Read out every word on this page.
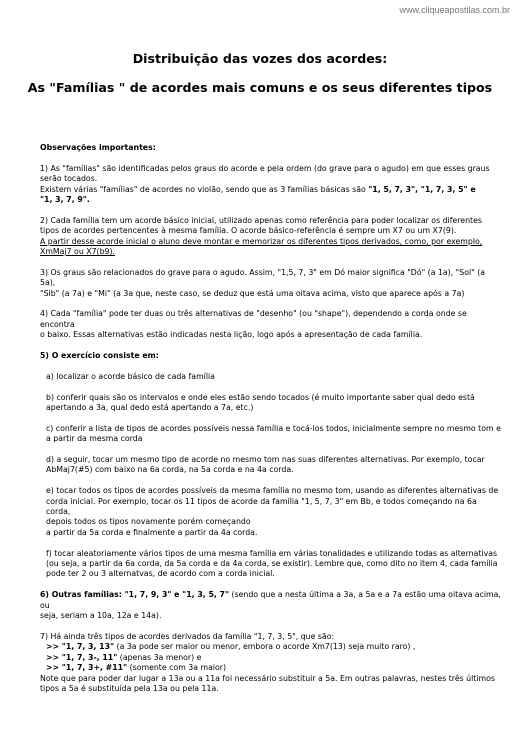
www.cliqueapostilas.com.br
Distribuição das vozes dos acordes:
As "Famílias " de acordes mais comuns e os seus diferentes tipos

Observações importantes:

1) As "famílias" são identificadas pelos graus do acorde e pela ordem (do grave para o agudo) em que esses graus
serão tocados.
Existem várias "famílias" de acordes no violão, sendo que as 3 famílias básicas são "1, 5, 7, 3", "1, 7, 3, 5" e
"1, 3, 7, 9".

2) Cada família tem um acorde básico inicial, utilizado apenas como referência para poder localizar os diferentes
tipos de acordes pertencentes à mesma família. O acorde básico-referência é sempre um X7 ou um X7(9).
A partir desse acorde inicial o aluno deve montar e memorizar os diferentes tipos derivados, como, por exemplo,
XmMaj7 ou X7(b9).

3) Os graus são relacionados do grave para o agudo. Assim, "1,5, 7, 3" em Dó maior significa "Dó" (a 1a), "Sol" (a 5a),
"Sib" (a 7a) e "Mi" (a 3a que, neste caso, se deduz que está uma oitava acima, visto que aparece após a 7a)

4) Cada "família" pode ter duas ou três alternativas de "desenho" (ou "shape"), dependendo a corda onde se encontra
o baixo. Essas alternativas estão indicadas nesta lição, logo após a apresentação de cada família.

5) O exercício consiste em:

a) localizar o acorde básico de cada família

b) conferir quais são os intervalos e onde eles estão sendo tocados (é muito importante saber qual dedo está
apertando a 3a, qual dedo está apertando a 7a, etc.)

c) conferir a lista de tipos de acordes possíveis nessa família e tocá-los todos, inicialmente sempre no mesmo tom e
a partir da mesma corda

d) a seguir, tocar um mesmo tipo de acorde no mesmo tom nas suas diferentes alternativas. Por exemplo, tocar
AbMaj7(#5) com baixo na 6a corda, na 5a corda e na 4a corda.

e) tocar todos os tipos de acordes possíveis da mesma família no mesmo tom, usando as diferentes alternativas de
corda inicial. Por exemplo, tocar os 11 tipos de acorde da família "1, 5, 7, 3" em Bb, e todos começando na 6a corda,
depois todos os tipos novamente porém começando
a partir da 5a corda e finalmente a partir da 4a corda.

f) tocar aleatoriamente vários tipos de uma mesma família em várias tonalidades e utilizando todas as alternativas
(ou seja, a partir da 6a corda, da 5a corda e da 4a corda, se existir). Lembre que, como dito no item 4, cada família
pode ter 2 ou 3 alternatvas, de acordo com a corda inicial.

6) Outras famílias: "1, 7, 9, 3" e "1, 3, 5, 7" (sendo que a nesta última a 3a, a 5a e a 7a estão uma oitava acima, ou
seja, seriam a 10a, 12a e 14a).

7) Há ainda três tipos de acordes derivados da família "1, 7, 3, 5", que são:
>> "1, 7, 3, 13" (a 3a pode ser maior ou menor, embora o acorde Xm7(13) seja muito raro) ,
>> "1, 7, 3-, 11" (apenas 3a menor) e
>> "1, 7, 3+, #11" (somente com 3a maior)
Note que para poder dar lugar a 13a ou a 11a foi necessário substituir a 5a. Em outras palavras, nestes três últimos
tipos a 5a é substituída pela 13a ou pela 11a.
